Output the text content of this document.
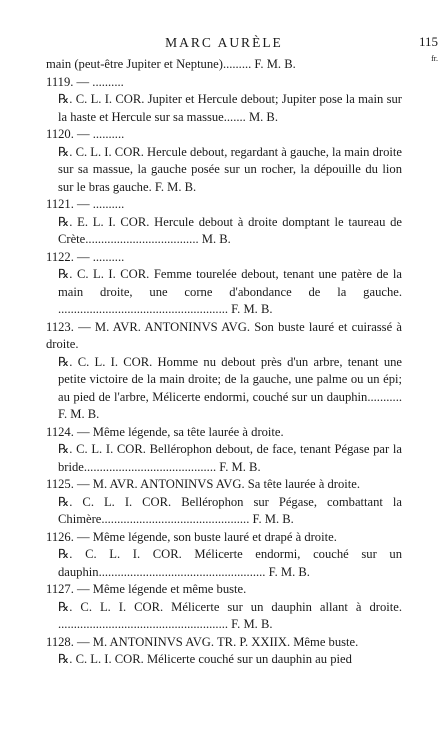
MARC AURÈLE	115
fr.

main (peut-être Jupiter et Neptune)......... F. M. B.

1119. — ..........

℞. C. L. I. COR. Jupiter et Hercule debout; Jupiter pose la main sur la haste et Hercule sur sa massue....... M. B.

1120. — ..........

℞. C. L. I. COR. Hercule debout, regardant à gauche, la main droite sur sa massue, la gauche posée sur un rocher, la dépouille du lion sur le bras gauche. F. M. B.

1121. — ..........

℞. E. L. I. COR. Hercule debout à droite domptant le taureau de Crète.................................... M. B.

1122. — ..........

℞. C. L. I. COR. Femme tourelée debout, tenant une patère de la main droite, une corne d'abondance de la gauche. ...................................................... F. M. B.

1123. — M. AVR. ANTONINVS AVG. Son buste lauré et cuirassé à droite.

℞. C. L. I. COR. Homme nu debout près d'un arbre, tenant une petite victoire de la main droite; de la gauche, une palme ou un épi; au pied de l'arbre, Mélicerte endormi, couché sur un dauphin........... F. M. B.

1124. — Même légende, sa tête laurée à droite.

℞. C. L. I. COR. Bellérophon debout, de face, tenant Pégase par la bride.......................................... F. M. B.

1125. — M. AVR. ANTONINVS AVG. Sa tête laurée à droite.

℞. C. L. I. COR. Bellérophon sur Pégase, combattant la Chimère............................................... F. M. B.

1126. — Même légende, son buste lauré et drapé à droite.

℞. C. L. I. COR. Mélicerte endormi, couché sur un dauphin..................................................... F. M. B.

1127. — Même légende et même buste.

℞. C. L. I. COR. Mélicerte sur un dauphin allant à droite. ...................................................... F. M. B.

1128. — M. ANTONINVS AVG. TR. P. XXIIX. Même buste.

℞. C. L. I. COR. Mélicerte couché sur un dauphin au pied
